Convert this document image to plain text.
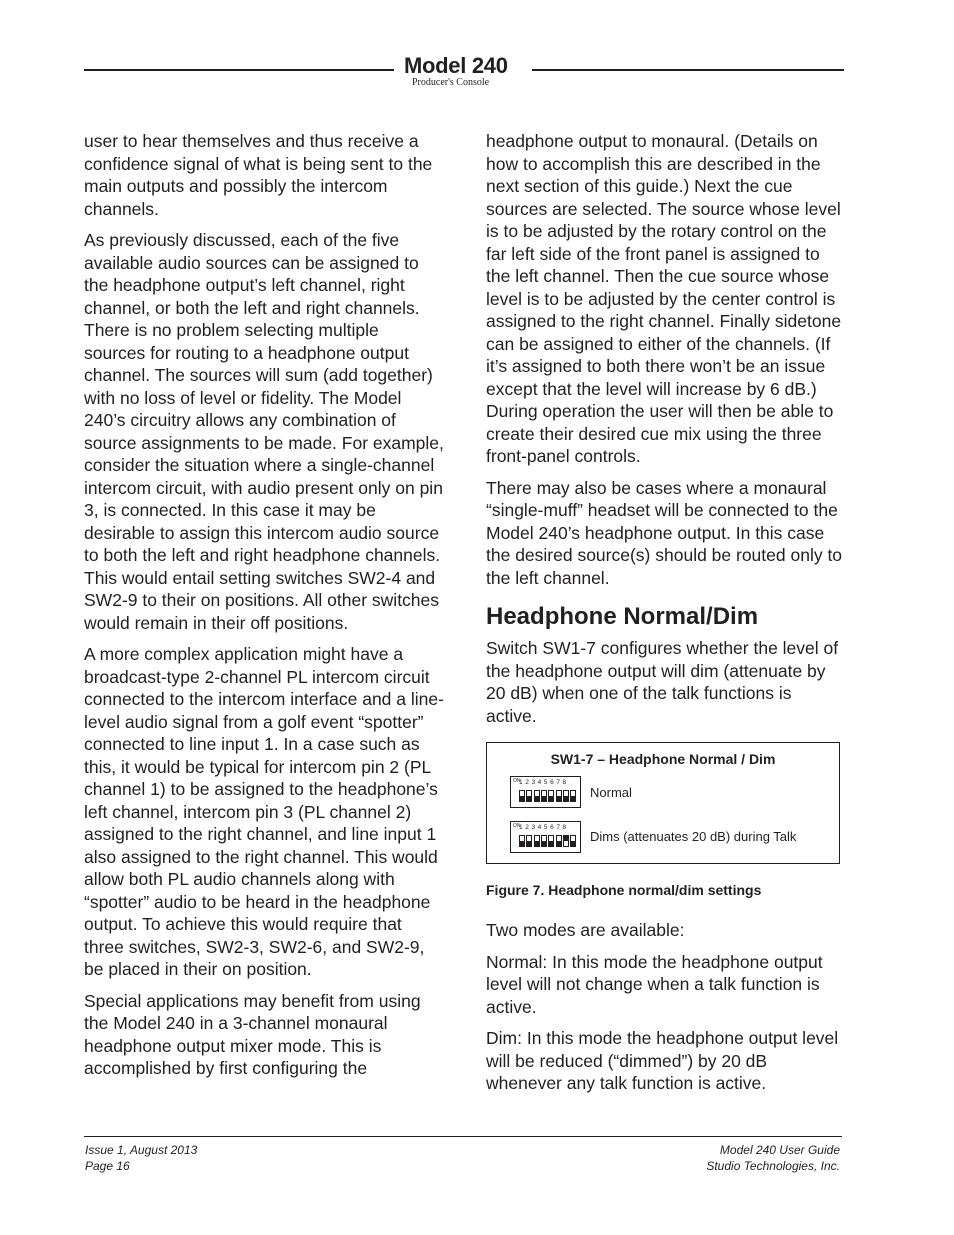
Model 240
Producer's Console

user to hear themselves and thus receive a confidence signal of what is being sent to the main outputs and possibly the intercom channels.

As previously discussed, each of the five available audio sources can be assigned to the headphone output’s left channel, right channel, or both the left and right channels. There is no problem selecting multiple sources for routing to a headphone output channel. The sources will sum (add together) with no loss of level or fidelity. The Model 240’s circuitry allows any combination of source assignments to be made. For example, consider the situation where a single-channel intercom circuit, with audio present only on pin 3, is connected. In this case it may be desirable to assign this intercom audio source to both the left and right headphone channels. This would entail setting switches SW2-4 and SW2-9 to their on positions. All other switches would remain in their off positions.

A more complex application might have a broadcast-type 2-channel PL intercom circuit connected to the intercom interface and a line-level audio signal from a golf event “spotter” connected to line input 1. In a case such as this, it would be typical for intercom pin 2 (PL channel 1) to be assigned to the headphone’s left channel, intercom pin 3 (PL channel 2) assigned to the right channel, and line input 1 also assigned to the right channel. This would allow both PL audio channels along with “spotter” audio to be heard in the headphone output. To achieve this would require that three switches, SW2-3, SW2-6, and SW2-9, be placed in their on position.

Special applications may benefit from using the Model 240 in a 3-channel monaural headphone output mixer mode. This is accomplished by first configuring the

headphone output to monaural. (Details on how to accomplish this are described in the next section of this guide.) Next the cue sources are selected. The source whose level is to be adjusted by the rotary control on the far left side of the front panel is assigned to the left channel. Then the cue source whose level is to be adjusted by the center control is assigned to the right channel. Finally sidetone can be assigned to either of the channels. (If it’s assigned to both there won’t be an issue except that the level will increase by 6 dB.) During operation the user will then be able to create their desired cue mix using the three front-panel controls.

There may also be cases where a monaural “single-muff” headset will be connected to the Model 240’s headphone output. In this case the desired source(s) should be routed only to the left channel.

Headphone Normal/Dim

Switch SW1-7 configures whether the level of the headphone output will dim (attenuate by 20 dB) when one of the talk functions is active.

SW1-7 – Headphone Normal / Dim
ON
1 2 3 4 5 6 7 8
Normal
ON
1 2 3 4 5 6 7 8
Dims (attenuates 20 dB) during Talk
Figure 7. Headphone normal/dim settings

Two modes are available:

Normal: In this mode the headphone output level will not change when a talk function is active.

Dim: In this mode the headphone output level will be reduced (“dimmed”) by 20 dB whenever any talk function is active.

Issue 1, August 2013
Page 16
Model 240 User Guide
Studio Technologies, Inc.
